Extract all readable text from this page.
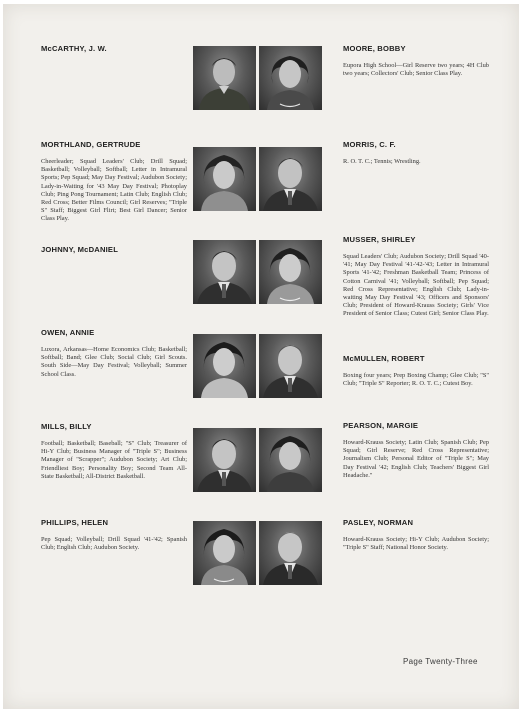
McCARTHY, J. W.
MORTHLAND, GERTRUDE
Cheerleader; Squad Leaders' Club; Drill Squad; Basketball; Volleyball; Softball; Letter in Intramural Sports; Pep Squad; May Day Festival; Audubon Society; Lady-in-Waiting for '43 May Day Festival; Photoplay Club; Ping Pong Tournament; Latin Club; English Club; Red Cross; Better Films Council; Girl Reserves; "Triple S" Staff; Biggest Girl Flirt; Best Girl Dancer; Senior Class Play.
JOHNNY, McDANIEL
OWEN, ANNIE
Luxora, Arkansas—Home Economics Club; Basketball; Softball; Band; Glee Club; Social Club; Girl Scouts. South Side—May Day Festival; Volleyball; Summer School Class.
MILLS, BILLY
Football; Basketball; Baseball; "S" Club; Treasurer of Hi-Y Club; Business Manager of "Triple S"; Business Manager of "Scrapper"; Audubon Society; Art Club; Friendliest Boy; Personality Boy; Second Team All-State Basketball; All-District Basketball.
PHILLIPS, HELEN
Pep Squad; Volleyball; Drill Squad '41-'42; Spanish Club; English Club; Audubon Society.
MOORE, BOBBY
Eupora High School—Girl Reserve two years; 4H Club two years; Collectors' Club; Senior Class Play.
MORRIS, C. F.
R. O. T. C.; Tennis; Wrestling.
MUSSER, SHIRLEY
Squad Leaders' Club; Audubon Society; Drill Squad '40-'41; May Day Festival '41-'42-'43; Letter in Intramural Sports '41-'42; Freshman Basketball Team; Princess of Cotton Carnival '41; Volleyball; Softball; Pep Squad; Red Cross Representative; English Club; Lady-in-waiting May Day Festival '43; Officers and Sponsors' Club; President of Howard-Krauss Society; Girls' Vice President of Senior Class; Cutest Girl; Senior Class Play.
McMULLEN, ROBERT
Boxing four years; Prep Boxing Champ; Glee Club; "S" Club; "Triple S" Reporter; R. O. T. C.; Cutest Boy.
PEARSON, MARGIE
Howard-Krauss Society; Latin Club; Spanish Club; Pep Squad; Girl Reserve; Red Cross Representative; Journalism Club; Personal Editor of "Triple S"; May Day Festival '42; English Club; Teachers' Biggest Girl Headache."
PASLEY, NORMAN
Howard-Krauss Society; Hi-Y Club; Audubon Society; "Triple S" Staff; National Honor Society.
Page Twenty-Three
